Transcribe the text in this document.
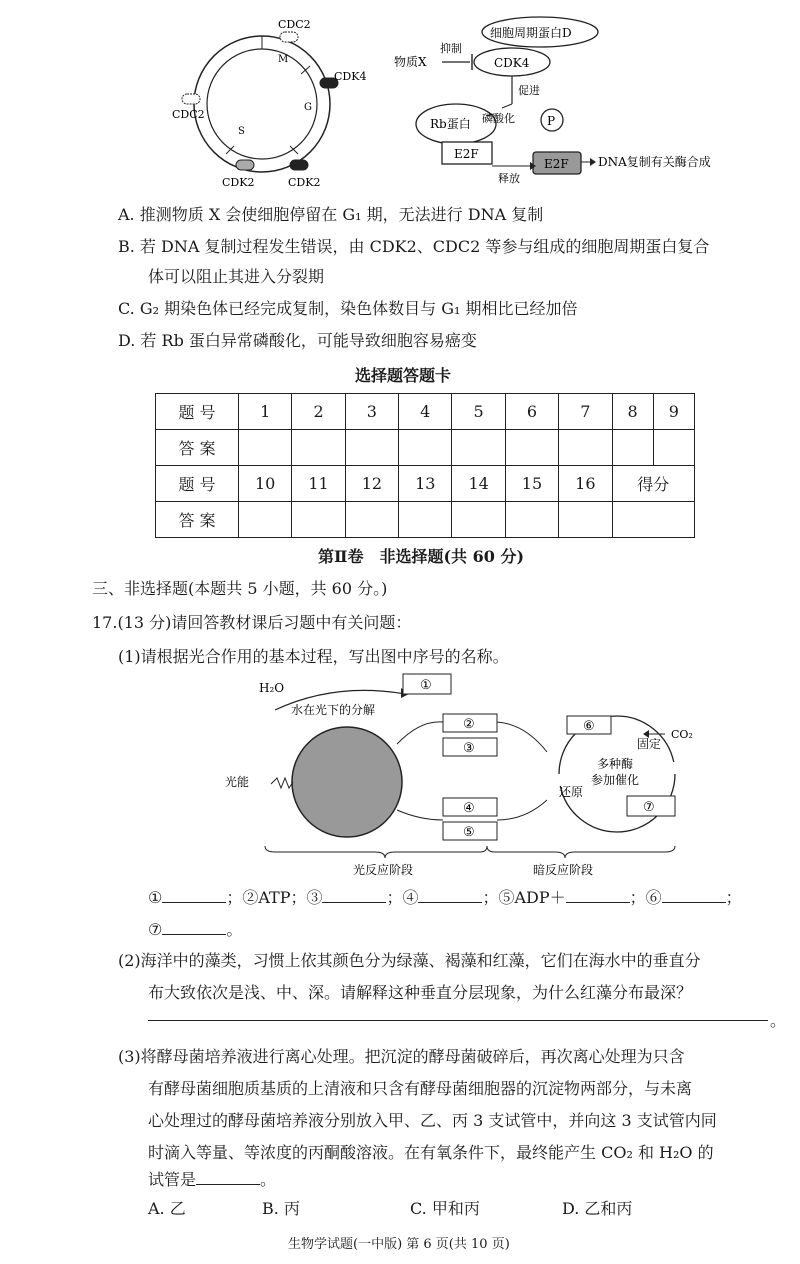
CDC2
CDC2
CDK4
CDK2	CDK2
M
G
S
细胞周期蛋白D
物质X
抑制
CDK4
促进
Rb蛋白 磷酸化	P
E2F
释放
E2F DNA复制有关酶合成
A. 推测物质 X 会使细胞停留在 G₁ 期，无法进行 DNA 复制
B. 若 DNA 复制过程发生错误，由 CDK2、CDC2 等参与组成的细胞周期蛋白复合
体可以阻止其进入分裂期
C. G₂ 期染色体已经完成复制，染色体数目与 G₁ 期相比已经加倍
D. 若 Rb 蛋白异常磷酸化，可能导致细胞容易癌变
选择题答题卡
题 号	1	2	3	4	5	6	7	8	9
答 案									
题 号	10	11	12	13	14	15	16	得分	
答 案									
第Ⅱ卷　非选择题(共 60 分)
三、非选择题(本题共 5 小题，共 60 分。)
17.(13 分)请回答教材课后习题中有关问题：
(1)请根据光合作用的基本过程，写出图中序号的名称。
H₂O
水在光下的分解
①
②
③
④
⑤
⑥
⑦
CO₂
光能
多种酶
参加催化
固定
还原
光反应阶段	暗反应阶段
①	；②ATP；③	；④	；⑤ADP＋	；⑥	；
⑦	。
(2)海洋中的藻类，习惯上依其颜色分为绿藻、褐藻和红藻，它们在海水中的垂直分
布大致依次是浅、中、深。请解释这种垂直分层现象，为什么红藻分布最深？
。
(3)将酵母菌培养液进行离心处理。把沉淀的酵母菌破碎后，再次离心处理为只含
有酵母菌细胞质基质的上清液和只含有酵母菌细胞器的沉淀物两部分，与未离
心处理过的酵母菌培养液分别放入甲、乙、丙 3 支试管中，并向这 3 支试管内同
时滴入等量、等浓度的丙酮酸溶液。在有氧条件下，最终能产生 CO₂ 和 H₂O 的
试管是	。
A. 乙	B. 丙	C. 甲和丙	D. 乙和丙
生物学试题(一中版) 第 6 页(共 10 页)
